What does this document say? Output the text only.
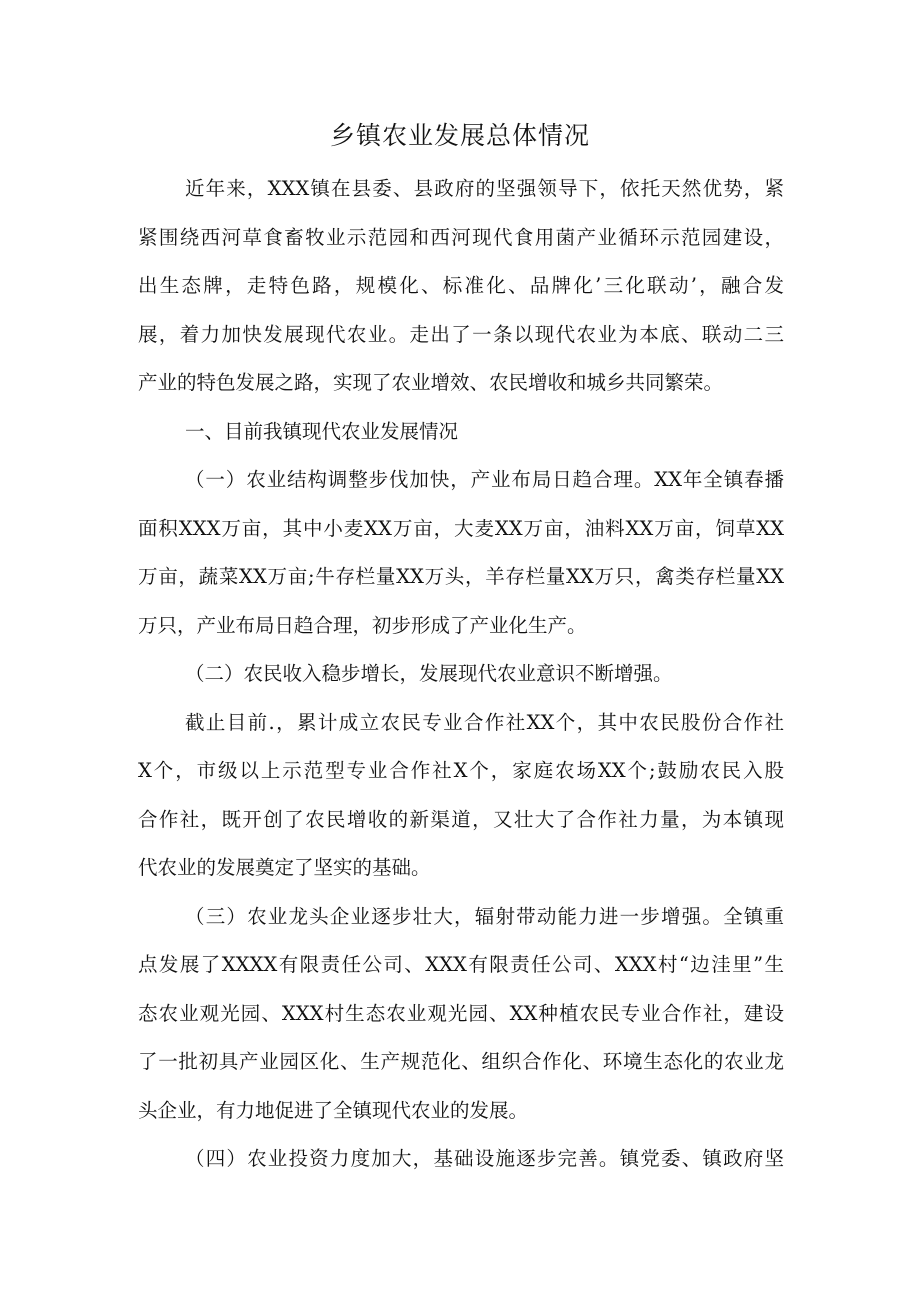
乡镇农业发展总体情况
近年来，XXX镇在县委、县政府的坚强领导下，依托天然优势，紧
紧围绕西河草食畜牧业示范园和西河现代食用菌产业循环示范园建设，
出生态牌，走特色路，规模化、标准化、品牌化’三化联动’，融合发
展，着力加快发展现代农业。走出了一条以现代农业为本底、联动二三
产业的特色发展之路，实现了农业增效、农民增收和城乡共同繁荣。
一、目前我镇现代农业发展情况
（一）农业结构调整步伐加快，产业布局日趋合理。XX年全镇春播
面积XXX万亩，其中小麦XX万亩，大麦XX万亩，油料XX万亩，饲草XX
万亩，蔬菜XX万亩;牛存栏量XX万头，羊存栏量XX万只，禽类存栏量XX
万只，产业布局日趋合理，初步形成了产业化生产。
（二）农民收入稳步增长，发展现代农业意识不断增强。
截止目前.，累计成立农民专业合作社XX个，其中农民股份合作社
X个，市级以上示范型专业合作社X个，家庭农场XX个;鼓励农民入股
合作社，既开创了农民增收的新渠道，又壮大了合作社力量，为本镇现
代农业的发展奠定了坚实的基础。
（三）农业龙头企业逐步壮大，辐射带动能力进一步增强。全镇重
点发展了XXXX有限责任公司、XXX有限责任公司、XXX村“边洼里”生
态农业观光园、XXX村生态农业观光园、XX种植农民专业合作社，建设
了一批初具产业园区化、生产规范化、组织合作化、环境生态化的农业龙
头企业，有力地促进了全镇现代农业的发展。
（四）农业投资力度加大，基础设施逐步完善。镇党委、镇政府坚
